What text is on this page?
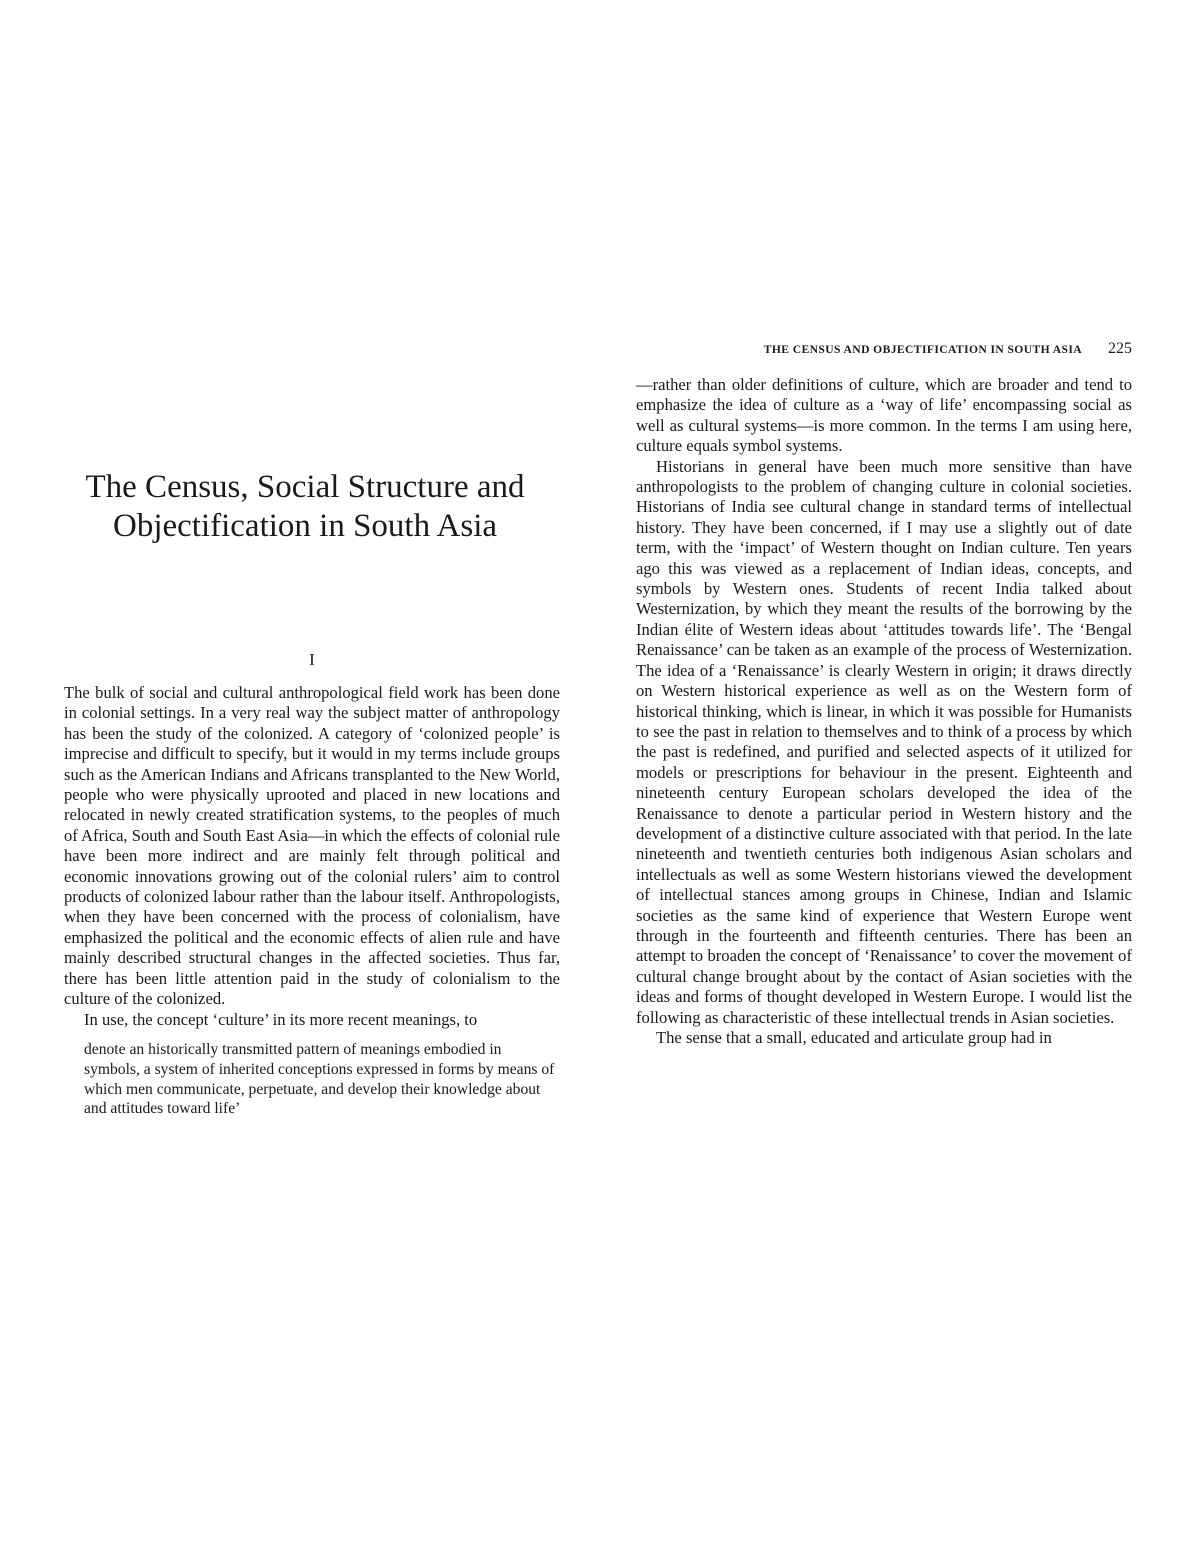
The Census, Social Structure and Objectification in South Asia
I

The bulk of social and cultural anthropological field work has been done in colonial settings. In a very real way the subject matter of anthropology has been the study of the colonized. A category of ‘colonized people’ is imprecise and difficult to specify, but it would in my terms include groups such as the American Indians and Africans transplanted to the New World, people who were physically uprooted and placed in new locations and relocated in newly created stratification systems, to the peoples of much of Africa, South and South East Asia—in which the effects of colonial rule have been more indirect and are mainly felt through political and economic innovations growing out of the colonial rulers’ aim to control products of colonized labour rather than the labour itself. Anthropologists, when they have been concerned with the process of colonialism, have emphasized the political and the economic effects of alien rule and have mainly described structural changes in the affected societies. Thus far, there has been little attention paid in the study of colonialism to the culture of the colonized.

In use, the concept ‘culture’ in its more recent meanings, to

denote an historically transmitted pattern of meanings embodied in symbols, a system of inherited conceptions expressed in forms by means of which men communicate, perpetuate, and develop their knowledge about and attitudes toward life’
THE CENSUS AND OBJECTIFICATION IN SOUTH ASIA 225

—rather than older definitions of culture, which are broader and tend to emphasize the idea of culture as a ‘way of life’ encompassing social as well as cultural systems—is more common. In the terms I am using here, culture equals symbol systems.

Historians in general have been much more sensitive than have anthropologists to the problem of changing culture in colonial societies. Historians of India see cultural change in standard terms of intellectual history. They have been concerned, if I may use a slightly out of date term, with the ‘impact’ of Western thought on Indian culture. Ten years ago this was viewed as a replacement of Indian ideas, concepts, and symbols by Western ones. Students of recent India talked about Westernization, by which they meant the results of the borrowing by the Indian élite of Western ideas about ‘attitudes towards life’. The ‘Bengal Renaissance’ can be taken as an example of the process of Westernization. The idea of a ‘Renaissance’ is clearly Western in origin; it draws directly on Western historical experience as well as on the Western form of historical thinking, which is linear, in which it was possible for Humanists to see the past in relation to themselves and to think of a process by which the past is redefined, and purified and selected aspects of it utilized for models or prescriptions for behaviour in the present. Eighteenth and nineteenth century European scholars developed the idea of the Renaissance to denote a particular period in Western history and the development of a distinctive culture associated with that period. In the late nineteenth and twentieth centuries both indigenous Asian scholars and intellectuals as well as some Western historians viewed the development of intellectual stances among groups in Chinese, Indian and Islamic societies as the same kind of experience that Western Europe went through in the fourteenth and fifteenth centuries. There has been an attempt to broaden the concept of ‘Renaissance’ to cover the movement of cultural change brought about by the contact of Asian societies with the ideas and forms of thought developed in Western Europe. I would list the following as characteristic of these intellectual trends in Asian societies.

The sense that a small, educated and articulate group had in
